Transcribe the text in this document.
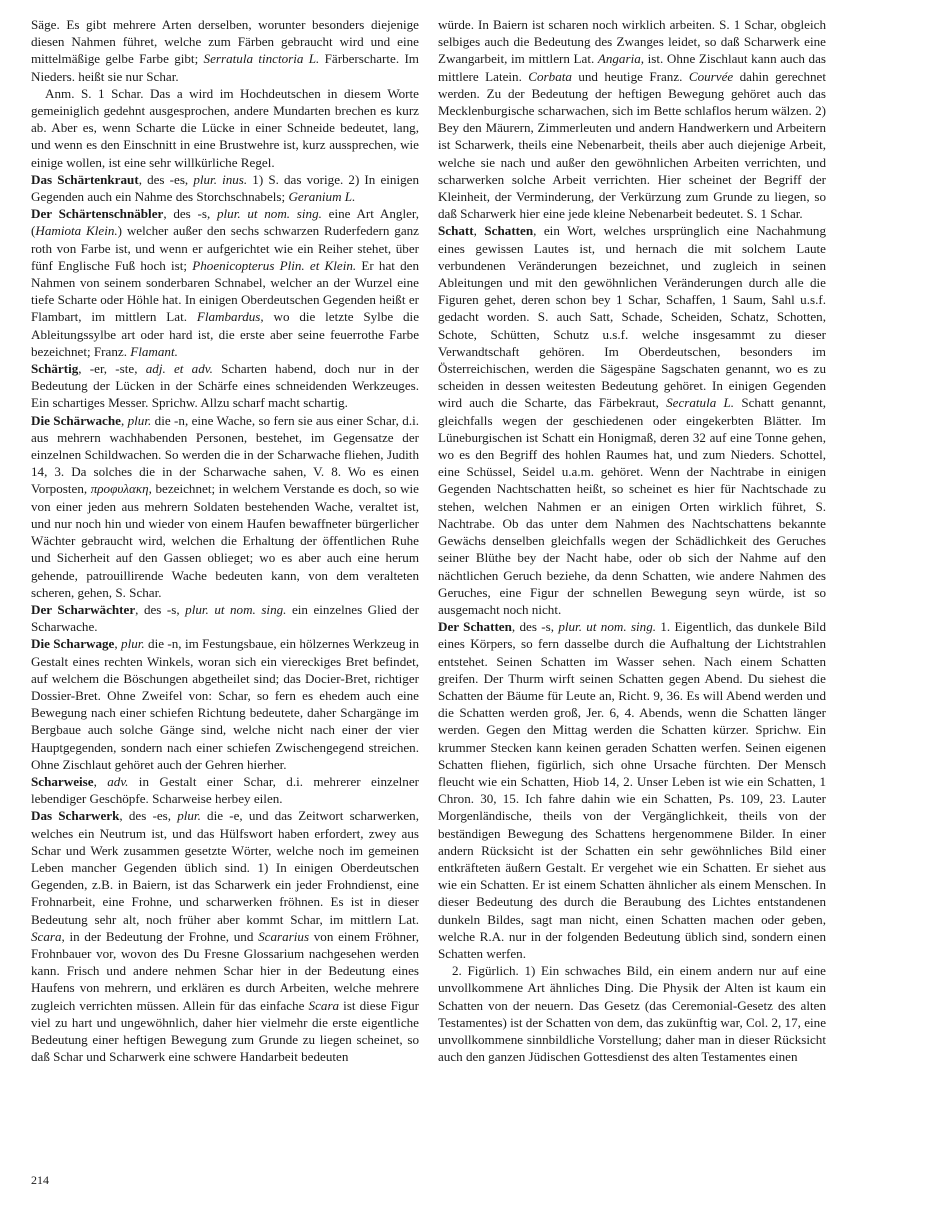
Säge. Es gibt mehrere Arten derselben, worunter besonders diejenige diesen Nahmen führet, welche zum Färben gebraucht wird und eine mittelmäßige gelbe Farbe gibt; Serratula tinctoria L. Färberscharte. Im Nieders. heißt sie nur Schar.

Anm. S. 1 Schar. Das a wird im Hochdeutschen in diesem Worte gemeiniglich gedehnt ausgesprochen, andere Mundarten brechen es kurz ab. Aber es, wenn Scharte die Lücke in einer Schneide bedeutet, lang, und wenn es den Einschnitt in eine Brustwehre ist, kurz aussprechen, wie einige wollen, ist eine sehr willkürliche Regel.

Das Schärtenkraut, des -es, plur. inus. 1) S. das vorige. 2) In einigen Gegenden auch ein Nahme des Storchschnabels; Geranium L.

Der Schärtenschnäbler, des -s, plur. ut nom. sing. eine Art Angler, (Hamiota Klein.) welcher außer den sechs schwarzen Ruderfedern ganz roth von Farbe ist, und wenn er aufgerichtet wie ein Reiher stehet, über fünf Englische Fuß hoch ist; Phoenicopterus Plin. et Klein. Er hat den Nahmen von seinem sonderbaren Schnabel, welcher an der Wurzel eine tiefe Scharte oder Höhle hat. In einigen Oberdeutschen Gegenden heißt er Flambart, im mittlern Lat. Flambardus, wo die letzte Sylbe die Ableitungssylbe art oder hard ist, die erste aber seine feuerrothe Farbe bezeichnet; Franz. Flamant.

Schärtig, -er, -ste, adj. et adv. Scharten habend, doch nur in der Bedeutung der Lücken in der Schärfe eines schneidenden Werkzeuges. Ein schartiges Messer. Sprichw. Allzu scharf macht schartig.

Die Schärwache, plur. die -n, eine Wache, so fern sie aus einer Schar, d.i. aus mehrern wachhabenden Personen, bestehet, im Gegensatze der einzelnen Schildwachen. So werden die in der Scharwache fliehen, Judith 14, 3. Da solches die in der Scharwache sahen, V. 8. Wo es einen Vorposten, προφυλακη, bezeichnet; in welchem Verstande es doch, so wie von einer jeden aus mehrern Soldaten bestehenden Wache, veraltet ist, und nur noch hin und wieder von einem Haufen bewaffneter bürgerlicher Wächter gebraucht wird, welchen die Erhaltung der öffentlichen Ruhe und Sicherheit auf den Gassen oblieget; wo es aber auch eine herum gehende, patrouillirende Wache bedeuten kann, von dem veralteten scheren, gehen, S. Schar.

Der Scharwächter, des -s, plur. ut nom. sing. ein einzelnes Glied der Scharwache.

Die Scharwage, plur. die -n, im Festungsbaue, ein hölzernes Werkzeug in Gestalt eines rechten Winkels, woran sich ein viereckiges Bret befindet, auf welchem die Böschungen abgetheilet sind; das Docier-Bret, richtiger Dossier-Bret. Ohne Zweifel von: Schar, so fern es ehedem auch eine Bewegung nach einer schiefen Richtung bedeutete, daher Schargänge im Bergbaue auch solche Gänge sind, welche nicht nach einer der vier Hauptgegenden, sondern nach einer schiefen Zwischengegend streichen. Ohne Zischlaut gehöret auch der Gehren hierher.

Scharweise, adv. in Gestalt einer Schar, d.i. mehrerer einzelner lebendiger Geschöpfe. Scharweise herbey eilen.

Das Scharwerk, des -es, plur. die -e, und das Zeitwort scharwerken, welches ein Neutrum ist, und das Hülfswort haben erfordert, zwey aus Schar und Werk zusammen gesetzte Wörter, welche noch im gemeinen Leben mancher Gegenden üblich sind. 1) In einigen Oberdeutschen Gegenden, z.B. in Baiern, ist das Scharwerk ein jeder Frohndienst, eine Frohnarbeit, eine Frohne, und scharwerken fröhnen. Es ist in dieser Bedeutung sehr alt, noch früher aber kommt Schar, im mittlern Lat. Scara, in der Bedeutung der Frohne, und Scararius von einem Fröhner, Frohnbauer vor, wovon des Du Fresne Glossarium nachgesehen werden kann. Frisch und andere nehmen Schar hier in der Bedeutung eines Haufens von mehrern, und erklären es durch Arbeiten, welche mehrere zugleich verrichten müssen. Allein für das einfache Scara ist diese Figur viel zu hart und ungewöhnlich, daher hier vielmehr die erste eigentliche Bedeutung einer heftigen Bewegung zum Grunde zu liegen scheinet, so daß Schar und Scharwerk eine schwere Handarbeit bedeuten

würde. In Baiern ist scharen noch wirklich arbeiten. S. 1 Schar, obgleich selbiges auch die Bedeutung des Zwanges leidet, so daß Scharwerk eine Zwangarbeit, im mittlern Lat. Angaria, ist. Ohne Zischlaut kann auch das mittlere Latein. Corbata und heutige Franz. Courvée dahin gerechnet werden. Zu der Bedeutung der heftigen Bewegung gehöret auch das Mecklenburgische scharwachen, sich im Bette schlaflos herum wälzen. 2) Bey den Mäurern, Zimmerleuten und andern Handwerkern und Arbeitern ist Scharwerk, theils eine Nebenarbeit, theils aber auch diejenige Arbeit, welche sie nach und außer den gewöhnlichen Arbeiten verrichten, und scharwerken solche Arbeit verrichten. Hier scheinet der Begriff der Kleinheit, der Verminderung, der Verkürzung zum Grunde zu liegen, so daß Scharwerk hier eine jede kleine Nebenarbeit bedeutet. S. 1 Schar.

Schatt, Schatten, ein Wort, welches ursprünglich eine Nachahmung eines gewissen Lautes ist, und hernach die mit solchem Laute verbundenen Veränderungen bezeichnet, und zugleich in seinen Ableitungen und mit den gewöhnlichen Veränderungen durch alle die Figuren gehet, deren schon bey 1 Schar, Schaffen, 1 Saum, Sahl u.s.f. gedacht worden. S. auch Satt, Schade, Scheiden, Schatz, Schotten, Schote, Schütten, Schutz u.s.f. welche insgesammt zu dieser Verwandtschaft gehören. Im Oberdeutschen, besonders im Österreichischen, werden die Sägespäne Sagschaten genannt, wo es zu scheiden in dessen weitesten Bedeutung gehöret. In einigen Gegenden wird auch die Scharte, das Färbekraut, Secratula L. Schatt genannt, gleichfalls wegen der geschiedenen oder eingekerbten Blätter. Im Lüneburgischen ist Schatt ein Honigmaß, deren 32 auf eine Tonne gehen, wo es den Begriff des hohlen Raumes hat, und zum Nieders. Schottel, eine Schüssel, Seidel u.a.m. gehöret. Wenn der Nachtrabe in einigen Gegenden Nachtschatten heißt, so scheinet es hier für Nachtschade zu stehen, welchen Nahmen er an einigen Orten wirklich führet, S. Nachtrabe. Ob das unter dem Nahmen des Nachtschattens bekannte Gewächs denselben gleichfalls wegen der Schädlichkeit des Geruches seiner Blüthe bey der Nacht habe, oder ob sich der Nahme auf den nächtlichen Geruch beziehe, da denn Schatten, wie andere Nahmen des Geruches, eine Figur der schnellen Bewegung seyn würde, ist so ausgemacht noch nicht.

Der Schatten, des -s, plur. ut nom. sing. 1. Eigentlich, das dunkele Bild eines Körpers, so fern dasselbe durch die Aufhaltung der Lichtstrahlen entstehet. Seinen Schatten im Wasser sehen. Nach einem Schatten greifen. Der Thurm wirft seinen Schatten gegen Abend. Du siehest die Schatten der Bäume für Leute an, Richt. 9, 36. Es will Abend werden und die Schatten werden groß, Jer. 6, 4. Abends, wenn die Schatten länger werden. Gegen den Mittag werden die Schatten kürzer. Sprichw. Ein krummer Stecken kann keinen geraden Schatten werfen. Seinen eigenen Schatten fliehen, figürlich, sich ohne Ursache fürchten. Der Mensch fleucht wie ein Schatten, Hiob 14, 2. Unser Leben ist wie ein Schatten, 1 Chron. 30, 15. Ich fahre dahin wie ein Schatten, Ps. 109, 23. Lauter Morgenländische, theils von der Vergänglichkeit, theils von der beständigen Bewegung des Schattens hergenommene Bilder. In einer andern Rücksicht ist der Schatten ein sehr gewöhnliches Bild einer entkräfteten äußern Gestalt. Er vergehet wie ein Schatten. Er siehet aus wie ein Schatten. Er ist einem Schatten ähnlicher als einem Menschen. In dieser Bedeutung des durch die Beraubung des Lichtes entstandenen dunkeln Bildes, sagt man nicht, einen Schatten machen oder geben, welche R.A. nur in der folgenden Bedeutung üblich sind, sondern einen Schatten werfen.

2. Figürlich. 1) Ein schwaches Bild, ein einem andern nur auf eine unvollkommene Art ähnliches Ding. Die Physik der Alten ist kaum ein Schatten von der neuern. Das Gesetz (das Ceremonial-Gesetz des alten Testamentes) ist der Schatten von dem, das zukünftig war, Col. 2, 17, eine unvollkommene sinnbildliche Vorstellung; daher man in dieser Rücksicht auch den ganzen Jüdischen Gottesdienst des alten Testamentes einen

214
